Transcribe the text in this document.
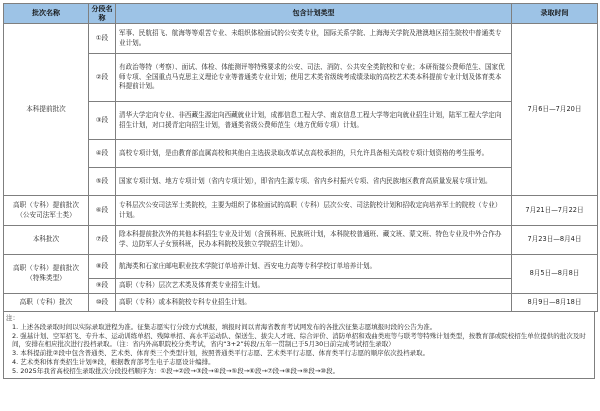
批次名称	分段名称	包含计划类型	录取时间
本科提前批次	①段	军事、民航招飞、航海等等艰苦专业、未组织体检面试的公安类专业，国际关系学院、上海海关学院及港澳地区招生院校中普通类专业计划。	7月6日—7月20日
	②段	有政治等特（考察）、面试、体检、体能测评等特殊要求的公安、司法、消防、公共安全类院校和专业；本研衔接公费师范生、国家优师专项、全国重点马克思主义理论专业等普通类专业计划；使用艺术类省级统考成绩录取的高校艺术类本科提前专业计划及体育类本科提前计划。	
	③段	清华大学定向专业、非西藏生源定向西藏就业计划，成都信息工程大学、南京信息工程大学等定向就业招生计划，陆军工程大学定向招生计划，对口援青定向招生计划，普通类省级公费师范生（地方优师专项）计划。	
	④段	高校专项计划，是由教育部直属高校和其他自主选拔录取改革试点高校承担的，只允许具备相关高校专项计划资格的考生报考。	
	⑤段	国家专项计划、地方专项计划（省内专项计划），即省内生源专项、省内乡村振兴专项、省内民族地区教育高质量发展专项计划。	
高职（专科）提前批次（公安司法军士类）	⑥段	专科层次公安司法军士类院校，主要为组织了体检面试的高职（专科）层次公安、司法院校计划和招收定向培养军士的院校（专业）计划。	7月21日—7月22日
本科批次	⑦段	除本科提前批次外的其他本科招生专业及计划（含预科班、民族班计划，本科院校普通班、藏文班、蒙文班、特色专业及中外合作办学、边防军人子女预科班，民办本科院校及独立学院招生计划）。	7月23日—8月4日
高职（专科）提前批次（特殊类型）	⑧段	航海类和石家庄邮电职业技术学院订单培养计划、西安电力高等专科学校订单培养计划。	8月5日—8月8日
	⑨段	高职（专科）层次艺术类及体育类专业招生计划。	
高职（专科）批次	⑩段	高职（专科）或本科院校专科专业招生计划。	8月9日—8月18日
注：
1. 上述各段录取时间以实际录取进程为准。征集志愿实行分段方式填报，填报时间以青海省教育考试网发布的各批次征集志愿填报时段的公告为准。
2. 强基计划、空军招飞、专升本、运动训练单招、残障单招、高水平运动队、保送生、拔尖人才班、综合评价、消防单招和戏曲类班等与联考等特殊计划类型，按教育部或院校招生单位提供的批次及时间，安排在相应批次进行投档录取。（注：省内外高职院校分类考试，省内“3+2”转段/五年一贯制已于5月30日前完成考试招生录取）
3. 本科提前批②段中包含普通类、艺术类、体育类三个类型计划，按照普通类平行志愿、艺术类平行志愿、体育类平行志愿的顺序依次投档录取。
4. 艺术类和体育类招生计划⑨段，根据教育部考生电子志愿设计编排。
5. 2025年我省高校招生录取批次分段投档顺序为：①段→②段→③段→④段→⑤段→⑥段→⑦段→⑧段→⑨段→⑩段。
